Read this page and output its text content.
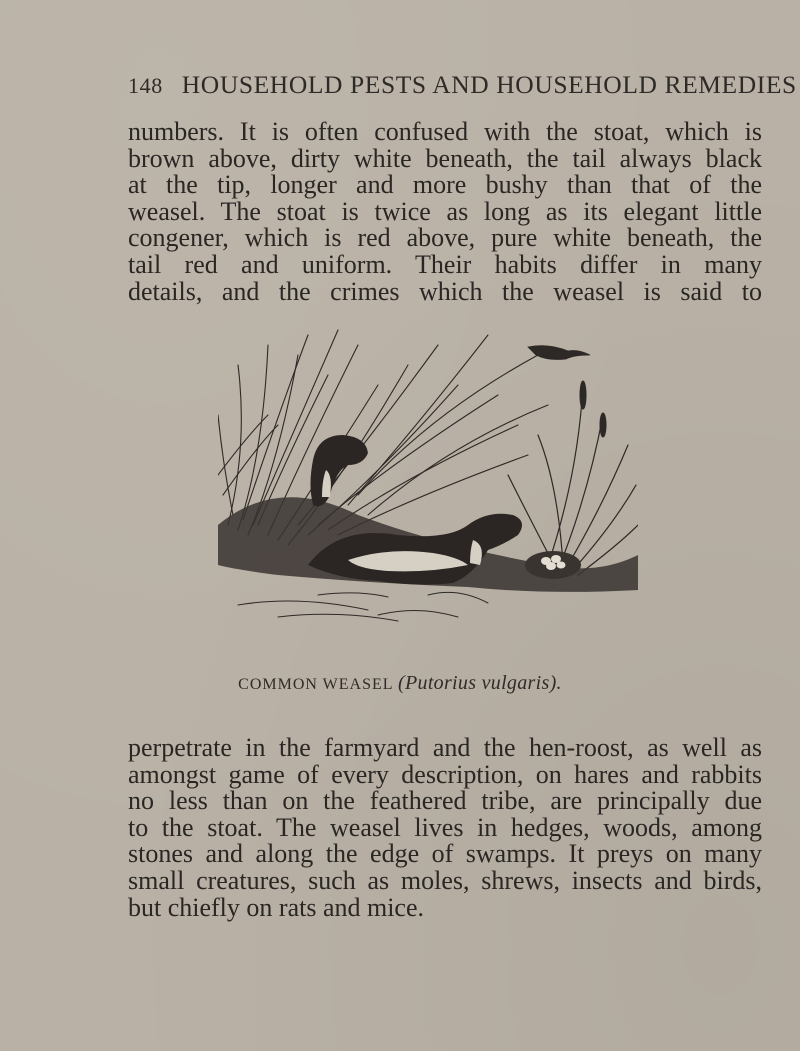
148 HOUSEHOLD PESTS AND HOUSEHOLD REMEDIES
numbers. It is often confused with the stoat, which is
brown above, dirty white beneath, the tail always black
at the tip, longer and more bushy than that of the
weasel. The stoat is twice as long as its elegant little
congener, which is red above, pure white beneath, the
tail red and uniform. Their habits differ in many
details, and the crimes which the weasel is said to
COMMON WEASEL (Putorius vulgaris).
perpetrate in the farmyard and the hen-roost, as well as
amongst game of every description, on hares and rabbits
no less than on the feathered tribe, are principally due
to the stoat. The weasel lives in hedges, woods, among
stones and along the edge of swamps. It preys on many
small creatures, such as moles, shrews, insects and birds,
but chiefly on rats and mice.
